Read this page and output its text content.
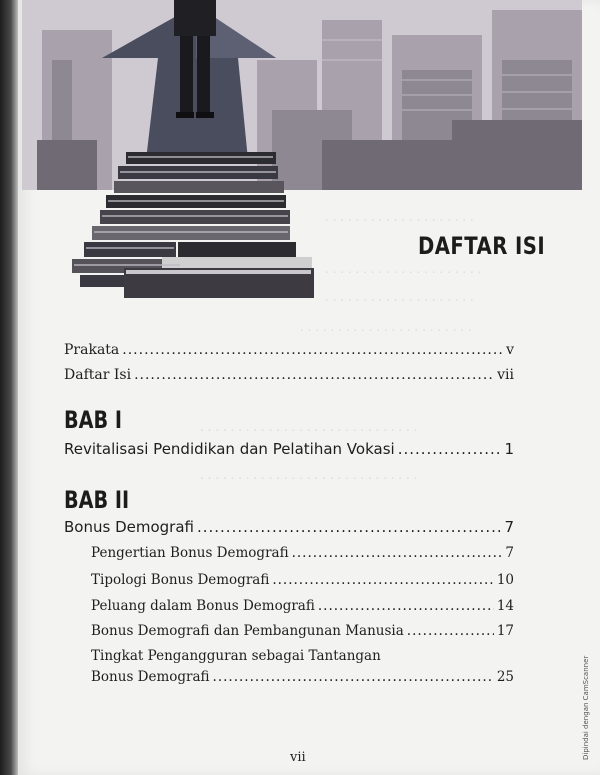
. . . . . . . . . . . . . . . . . . . .
. . . . . . . . . . . . . . . . . . . . .
. . . . . . . . . . . . . . . . . . . .
. . . . . . . . . . . . . . . . . . . . . . .
. . . . . . . . . . . . . . . . . . . . . . . . . . . . .
. . . . . . . . . . . . . . . . . . . . . . . . . . . . .
DAFTAR ISI
Prakata .....	v
Daftar Isi .....	vii
BAB I
Revitalisasi Pendidikan dan Pelatihan Vokasi .....	1
BAB II
Bonus Demografi .....	7
Pengertian Bonus Demografi .....	7
Tipologi Bonus Demografi .....	10
Peluang dalam Bonus Demografi .....	14
Bonus Demografi dan Pembangunan Manusia .....	17
Tingkat Pengangguran sebagai Tantangan
Bonus Demografi .....	25
vii	Dipindai dengan CamScanner
